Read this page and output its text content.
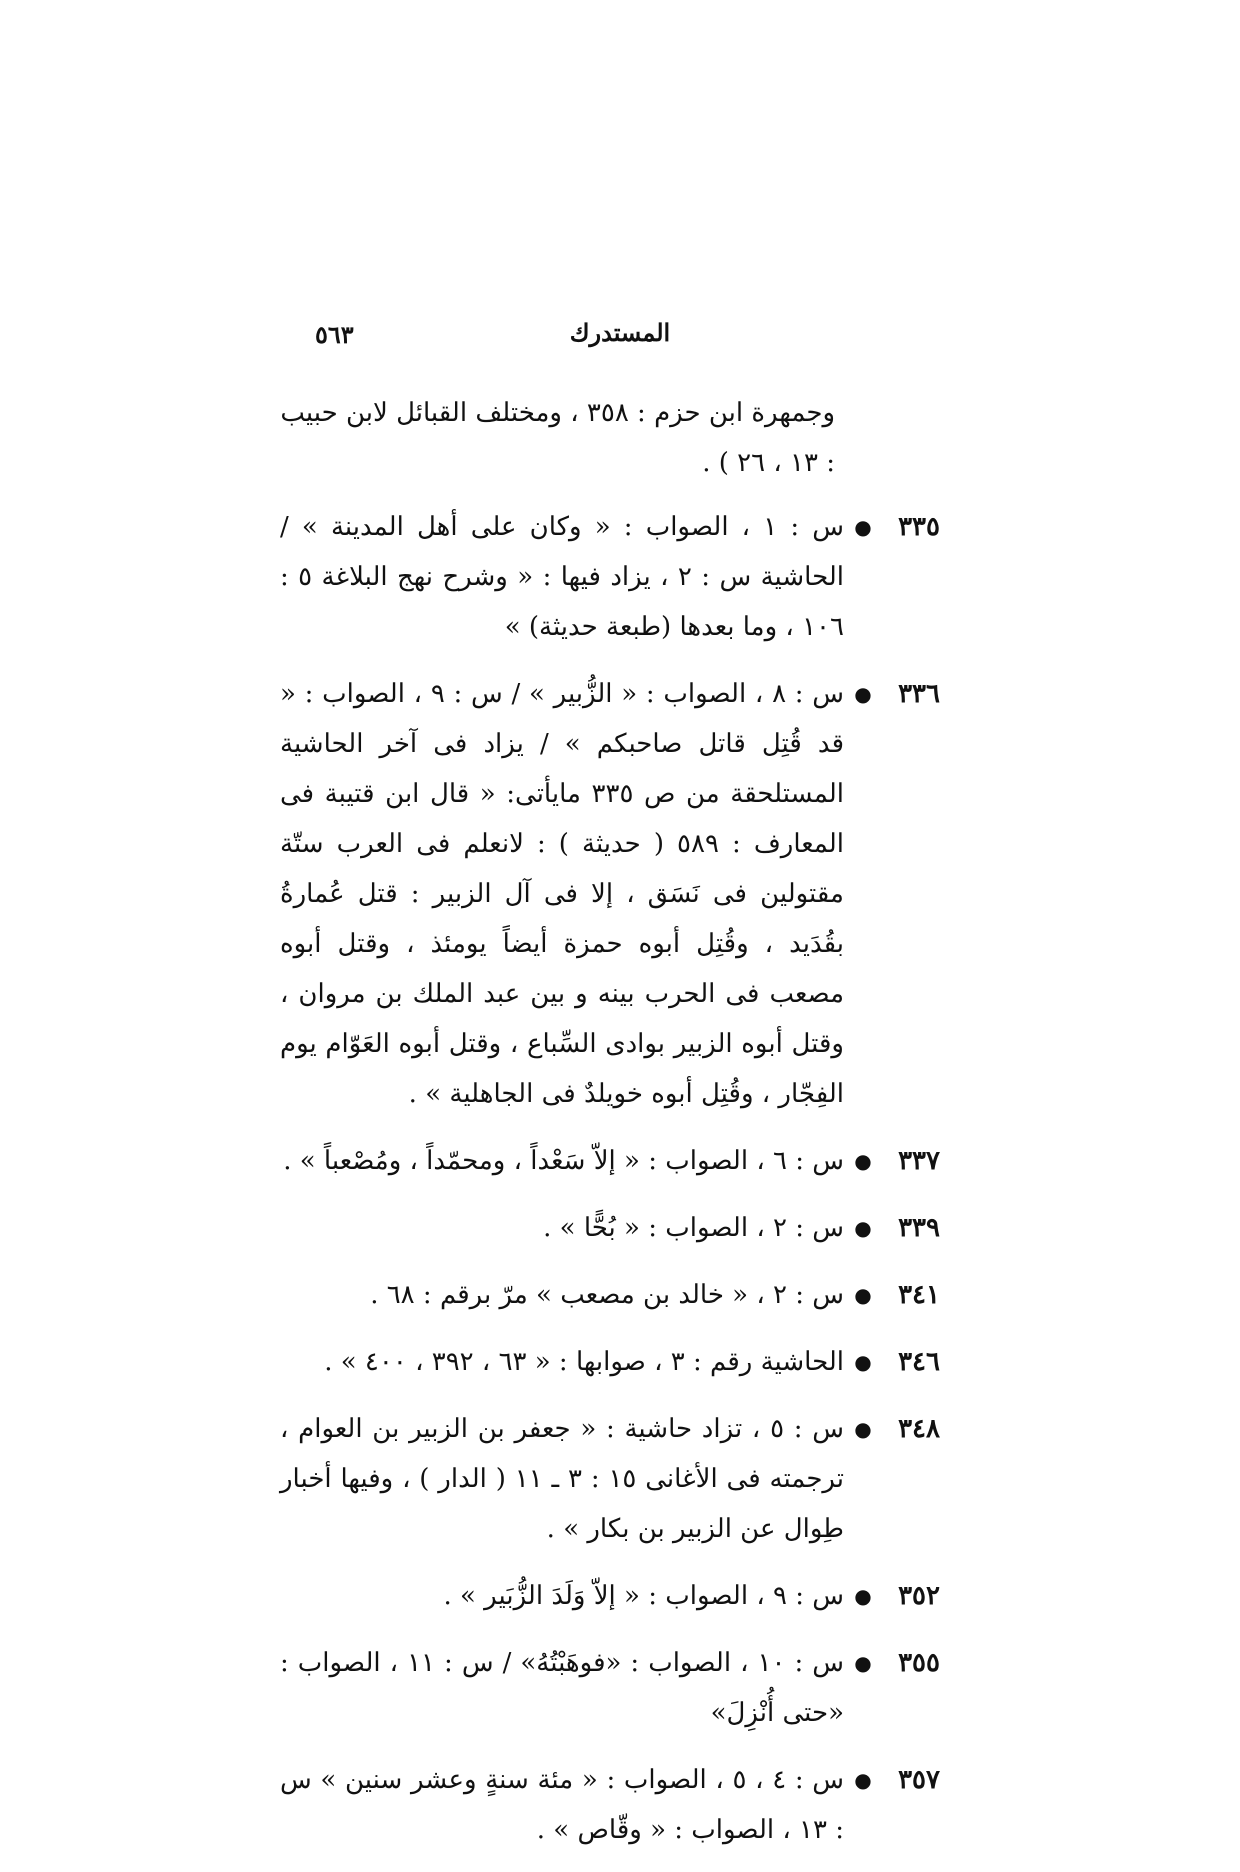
المستدرك
٥٦٣
وجمهرة ابن حزم : ٣٥٨ ، ومختلف القبائل لابن حبيب : ١٣ ، ٢٦ ) .
٣٣٥
●
س : ١ ، الصواب : « وكان على أهل المدينة » / الحاشية س : ٢ ، يزاد فيها : « وشرح نهج البلاغة ٥ : ١٠٦ ، وما بعدها (طبعة حديثة) »
٣٣٦
●
س : ٨ ، الصواب : « الزُّبير » / س : ٩ ، الصواب : « قد قُتِل قاتل صاحبكم » / يزاد فى آخر الحاشية المستلحقة من ص ٣٣٥ مايأتى: « قال ابن قتيبة فى المعارف : ٥٨٩ ( حديثة ) : لانعلم فى العرب ستّة مقتولين فى نَسَق ، إلا فى آل الزبير : قتل عُمارةُ بقُدَيد ، وقُتِل أبوه حمزة أيضاً يومئذ ، وقتل أبوه مصعب فى الحرب بينه و بين عبد الملك بن مروان ، وقتل أبوه الزبير بوادى السِّباع ، وقتل أبوه العَوّام يوم الفِجّار ، وقُتِل أبوه خويلدٌ فى الجاهلية » .
٣٣٧
●
س : ٦ ، الصواب : « إلاّ سَعْداً ، ومحمّداً ، ومُصْعباً » .
٣٣٩
●
س : ٢ ، الصواب : « بُحًّا » .
٣٤١
●
س : ٢ ، « خالد بن مصعب » مرّ برقم : ٦٨ .
٣٤٦
●
الحاشية رقم : ٣ ، صوابها : « ٦٣ ، ٣٩٢ ، ٤٠٠ » .
٣٤٨
●
س : ٥ ، تزاد حاشية : « جعفر بن الزبير بن العوام ، ترجمته فى الأغانى ١٥ : ٣ ـ ١١ ( الدار ) ، وفيها أخبار طِوال عن الزبير بن بكار » .
٣٥٢
●
س : ٩ ، الصواب : « إلاّ وَلَدَ الزُّبَير » .
٣٥٥
●
س : ١٠ ، الصواب : «فوهَبْتُهُ» / س : ١١ ، الصواب : «حتى أُنْزِلَ»
٣٥٧
●
س : ٤ ، ٥ ، الصواب : « مئة سنةٍ وعشر سنين » س : ١٣ ، الصواب : « وقّاص » .
